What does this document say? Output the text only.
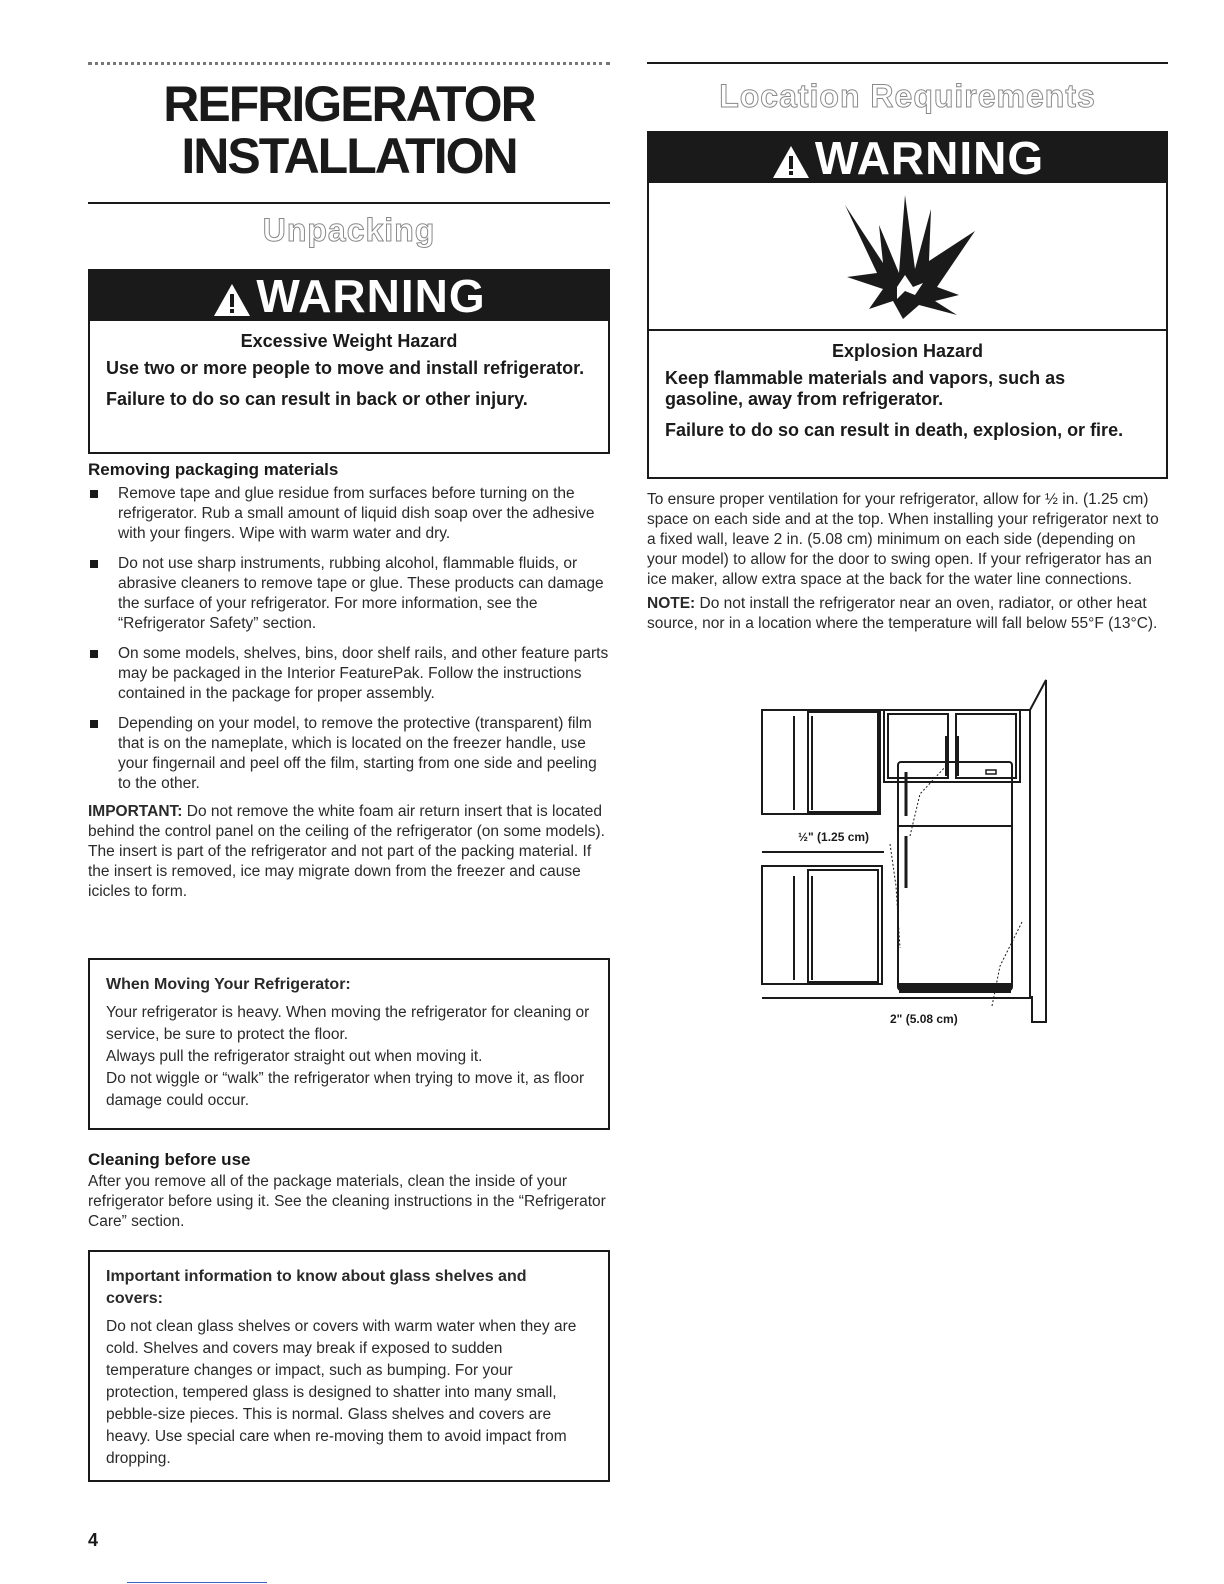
REFRIGERATOR
INSTALLATION
Unpacking
WARNING

Excessive Weight Hazard

Use two or more people to move and install refrigerator.

Failure to do so can result in back or other injury.

Removing packaging materials

Remove tape and glue residue from surfaces before turning on the refrigerator. Rub a small amount of liquid dish soap over the adhesive with your fingers. Wipe with warm water and dry.
Do not use sharp instruments, rubbing alcohol, flammable fluids, or abrasive cleaners to remove tape or glue. These products can damage the surface of your refrigerator. For more information, see the “Refrigerator Safety” section.
On some models, shelves, bins, door shelf rails, and other feature parts may be packaged in the Interior FeaturePak. Follow the instructions contained in the package for proper assembly.
Depending on your model, to remove the protective (transparent) film that is on the nameplate, which is located on the freezer handle, use your fingernail and peel off the film, starting from one side and peeling to the other.

IMPORTANT: Do not remove the white foam air return insert that is located behind the control panel on the ceiling of the refrigerator (on some models). The insert is part of the refrigerator and not part of the packing material. If the insert is removed, ice may migrate down from the freezer and cause icicles to form.

When Moving Your Refrigerator:

Your refrigerator is heavy. When moving the refrigerator for cleaning or service, be sure to protect the floor.

Always pull the refrigerator straight out when moving it.

Do not wiggle or “walk” the refrigerator when trying to move it, as floor damage could occur.

Cleaning before use

After you remove all of the package materials, clean the inside of your refrigerator before using it. See the cleaning instructions in the “Refrigerator Care” section.

Important information to know about glass shelves and covers:

Do not clean glass shelves or covers with warm water when they are cold. Shelves and covers may break if exposed to sudden temperature changes or impact, such as bumping. For your protection, tempered glass is designed to shatter into many small, pebble-size pieces. This is normal. Glass shelves and covers are heavy. Use special care when re-moving them to avoid impact from dropping.

4
Location Requirements
WARNING

Explosion Hazard

Keep flammable materials and vapors, such as gasoline, away from refrigerator.

Failure to do so can result in death, explosion, or fire.

To ensure proper ventilation for your refrigerator, allow for ½ in. (1.25 cm) space on each side and at the top. When installing your refrigerator next to a fixed wall, leave 2 in. (5.08 cm) minimum on each side (depending on your model) to allow for the door to swing open. If your refrigerator has an ice maker, allow extra space at the back for the water line connections.

NOTE: Do not install the refrigerator near an oven, radiator, or other heat source, nor in a location where the temperature will fall below 55°F (13°C).

½" (1.25 cm)
2" (5.08 cm)
